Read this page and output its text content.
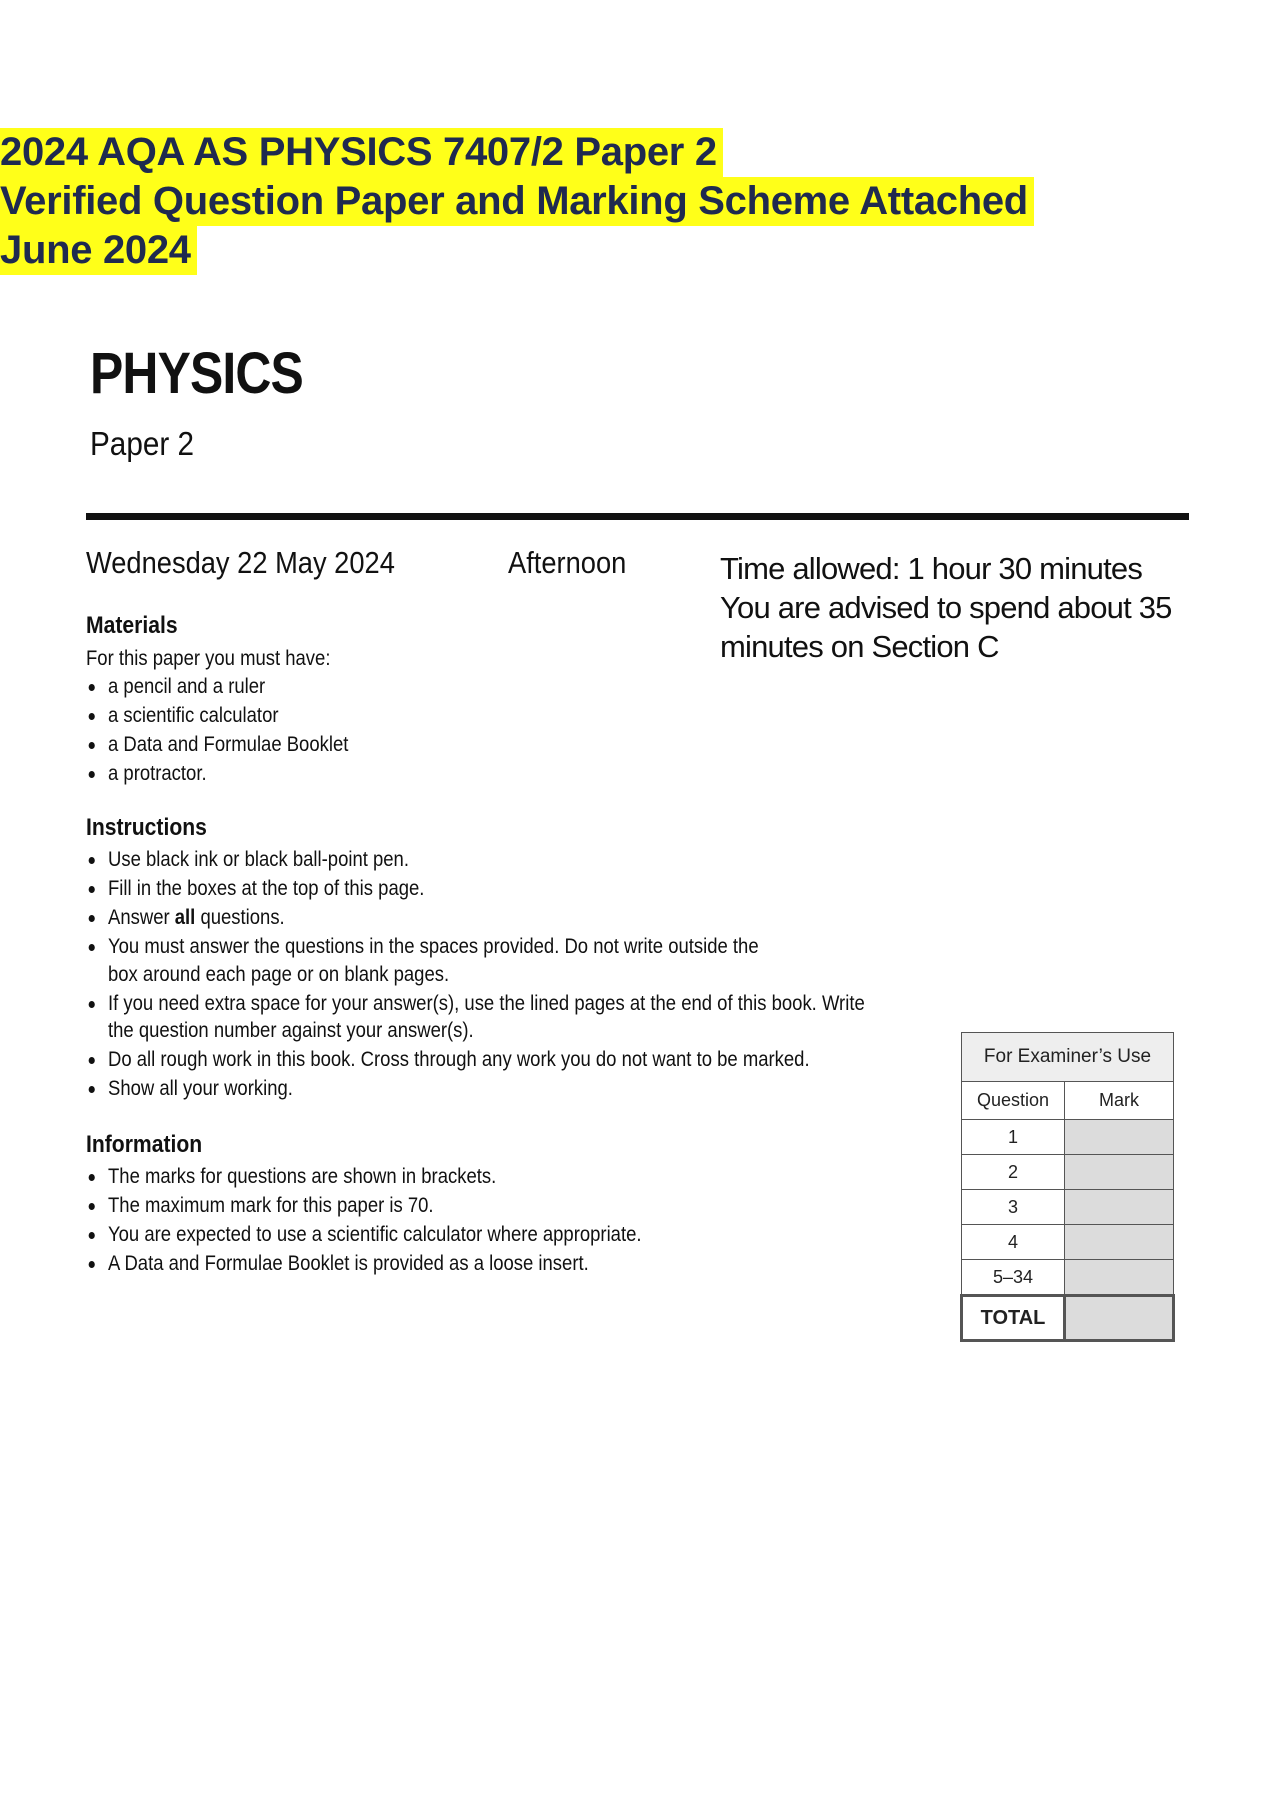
2024 AQA AS PHYSICS 7407/2 Paper 2
Verified Question Paper and Marking Scheme Attached
June 2024
PHYSICS
Paper 2
Wednesday 22 May 2024	Afternoon	Time allowed: 1 hour 30 minutes You are advised to spend about 35 minutes on Section C
Materials

For this paper you must have:

a pencil and a ruler
a scientific calculator
a Data and Formulae Booklet
a protractor.
Instructions
Use black ink or black ball-point pen.
Fill in the boxes at the top of this page.
Answer all questions.
You must answer the questions in the spaces provided. Do not write outside the
box around each page or on blank pages.
If you need extra space for your answer(s), use the lined pages at the end of this book. Write
the question number against your answer(s).
Do all rough work in this book. Cross through any work you do not want to be marked.
Show all your working.
Information
The marks for questions are shown in brackets.
The maximum mark for this paper is 70.
You are expected to use a scientific calculator where appropriate.
A Data and Formulae Booklet is provided as a loose insert.
For Examiner’s Use	
Question	Mark
1	
2	
3	
4	
5–34	
TOTAL	
